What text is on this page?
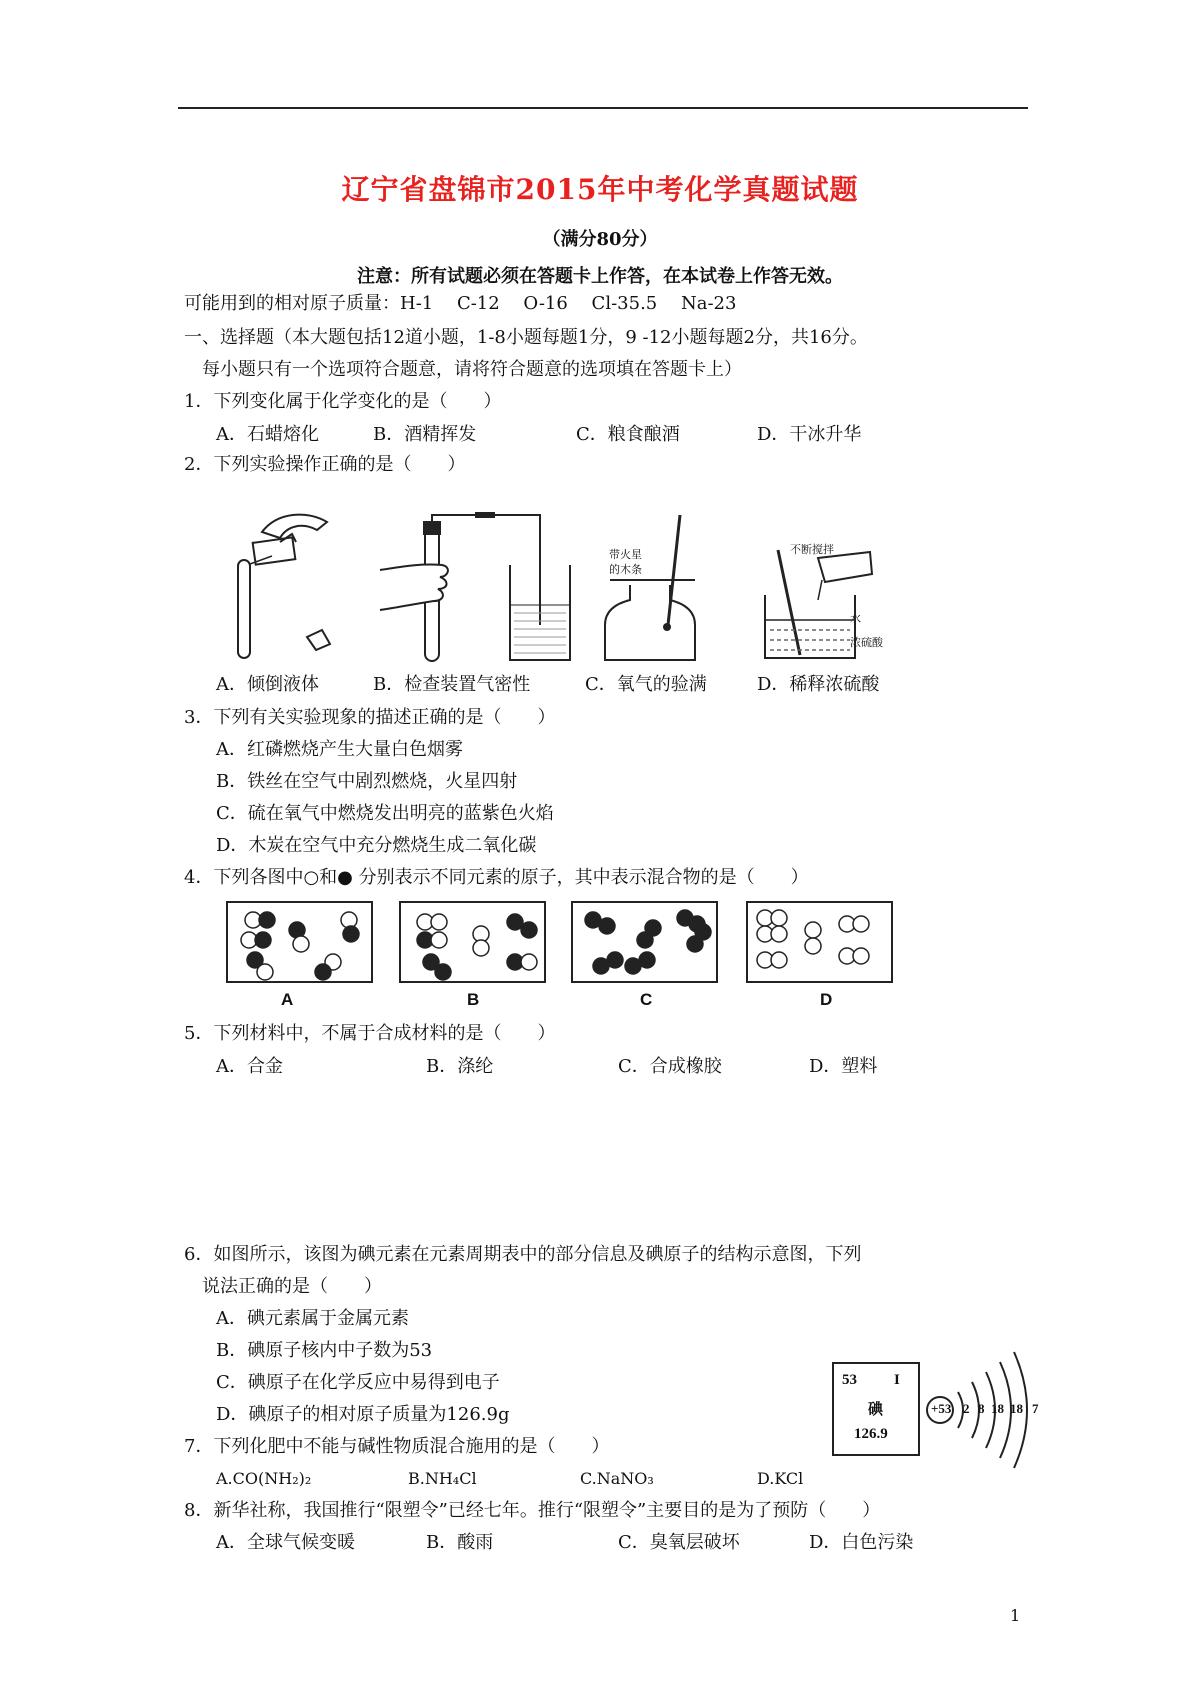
辽宁省盘锦市2015年中考化学真题试题
（满分80分）
注意：所有试题必须在答题卡上作答，在本试卷上作答无效。
可能用到的相对原子质量：H-1　 C-12　 O-16　 Cl-35.5　 Na-23
一、选择题（本大题包括12道小题，1-8小题每题1分，9 -12小题每题2分，共16分。
每小题只有一个选项符合题意，请将符合题意的选项填在答题卡上）
1．下列变化属于化学变化的是（　　）
A．石蜡熔化	B．酒精挥发	C．粮食酿酒	D．干冰升华
2．下列实验操作正确的是（　　）
带火星
的木条
不断搅拌
水
浓硫酸
A．倾倒液体	B．检查装置气密性	C．氧气的验满	D．稀释浓硫酸
3．下列有关实验现象的描述正确的是（　　）
A．红磷燃烧产生大量白色烟雾
B．铁丝在空气中剧烈燃烧，火星四射
C．硫在氧气中燃烧发出明亮的蓝紫色火焰
D．木炭在空气中充分燃烧生成二氧化碳
4．下列各图中○和● 分别表示不同元素的原子，其中表示混合物的是（　　）
A	B	C	D
5．下列材料中，不属于合成材料的是（　　）
A．合金	B．涤纶	C．合成橡胶	D．塑料
6．如图所示，该图为碘元素在元素周期表中的部分信息及碘原子的结构示意图，下列
说法正确的是（　　）
A．碘元素属于金属元素
B．碘原子核内中子数为53
C．碘原子在化学反应中易得到电子
D．碘原子的相对原子质量为126.9g
53 I
碘
126.9
+53 2 8 18 18 7
7．下列化肥中不能与碱性物质混合施用的是（　　）
A.CO(NH₂)₂	B.NH₄Cl	C.NaNO₃	D.KCl
8．新华社称，我国推行“限塑令”已经七年。推行“限塑令”主要目的是为了预防（　　）
A．全球气候变暖	B．酸雨	C．臭氧层破坏	D．白色污染
1
